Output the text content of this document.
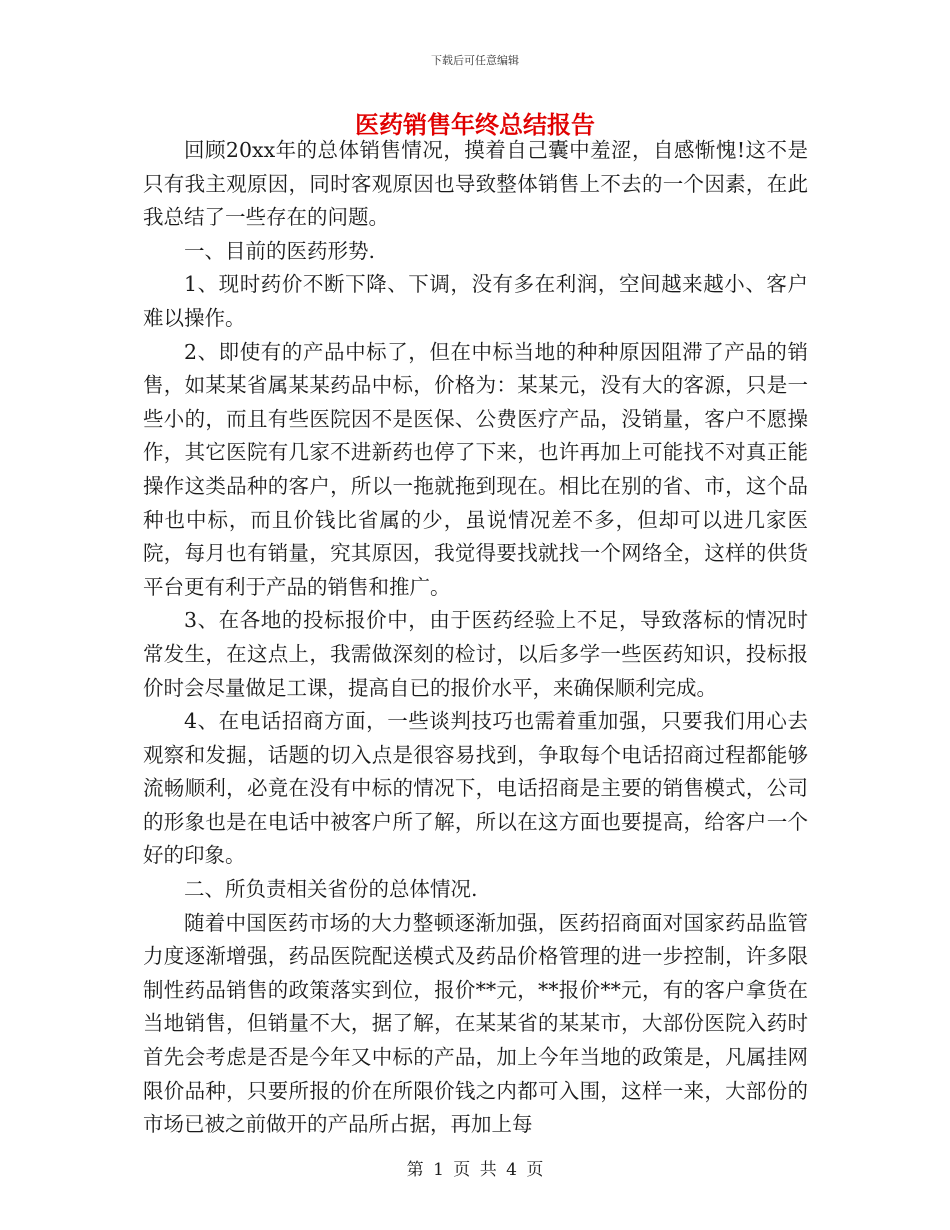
下载后可任意编辑
医药销售年终总结报告

回顾20xx年的总体销售情况，摸着自己囊中羞涩，自感惭愧!这不是只有我主观原因，同时客观原因也导致整体销售上不去的一个因素，在此我总结了一些存在的问题。

一、目前的医药形势.

1、现时药价不断下降、下调，没有多在利润，空间越来越小、客户难以操作。

2、即使有的产品中标了，但在中标当地的种种原因阻滞了产品的销售，如某某省属某某药品中标，价格为：某某元，没有大的客源，只是一些小的，而且有些医院因不是医保、公费医疗产品，没销量，客户不愿操作，其它医院有几家不进新药也停了下来，也许再加上可能找不对真正能操作这类品种的客户，所以一拖就拖到现在。相比在别的省、市，这个品种也中标，而且价钱比省属的少，虽说情况差不多，但却可以进几家医院，每月也有销量，究其原因，我觉得要找就找一个网络全，这样的供货平台更有利于产品的销售和推广。

3、在各地的投标报价中，由于医药经验上不足，导致落标的情况时常发生，在这点上，我需做深刻的检讨，以后多学一些医药知识，投标报价时会尽量做足工课，提高自已的报价水平，来确保顺利完成。

4、在电话招商方面，一些谈判技巧也需着重加强，只要我们用心去观察和发掘，话题的切入点是很容易找到，争取每个电话招商过程都能够流畅顺利，必竟在没有中标的情况下，电话招商是主要的销售模式，公司的形象也是在电话中被客户所了解，所以在这方面也要提高，给客户一个好的印象。

二、所负责相关省份的总体情况.

随着中国医药市场的大力整顿逐渐加强，医药招商面对国家药品监管力度逐渐增强，药品医院配送模式及药品价格管理的进一步控制，许多限制性药品销售的政策落实到位，报价**元，**报价**元，有的客户拿货在当地销售，但销量不大，据了解，在某某省的某某市，大部份医院入药时首先会考虑是否是今年又中标的产品，加上今年当地的政策是，凡属挂网限价品种，只要所报的价在所限价钱之内都可入围，这样一来，大部份的市场已被之前做开的产品所占据，再加上每

第 1 页 共 4 页
